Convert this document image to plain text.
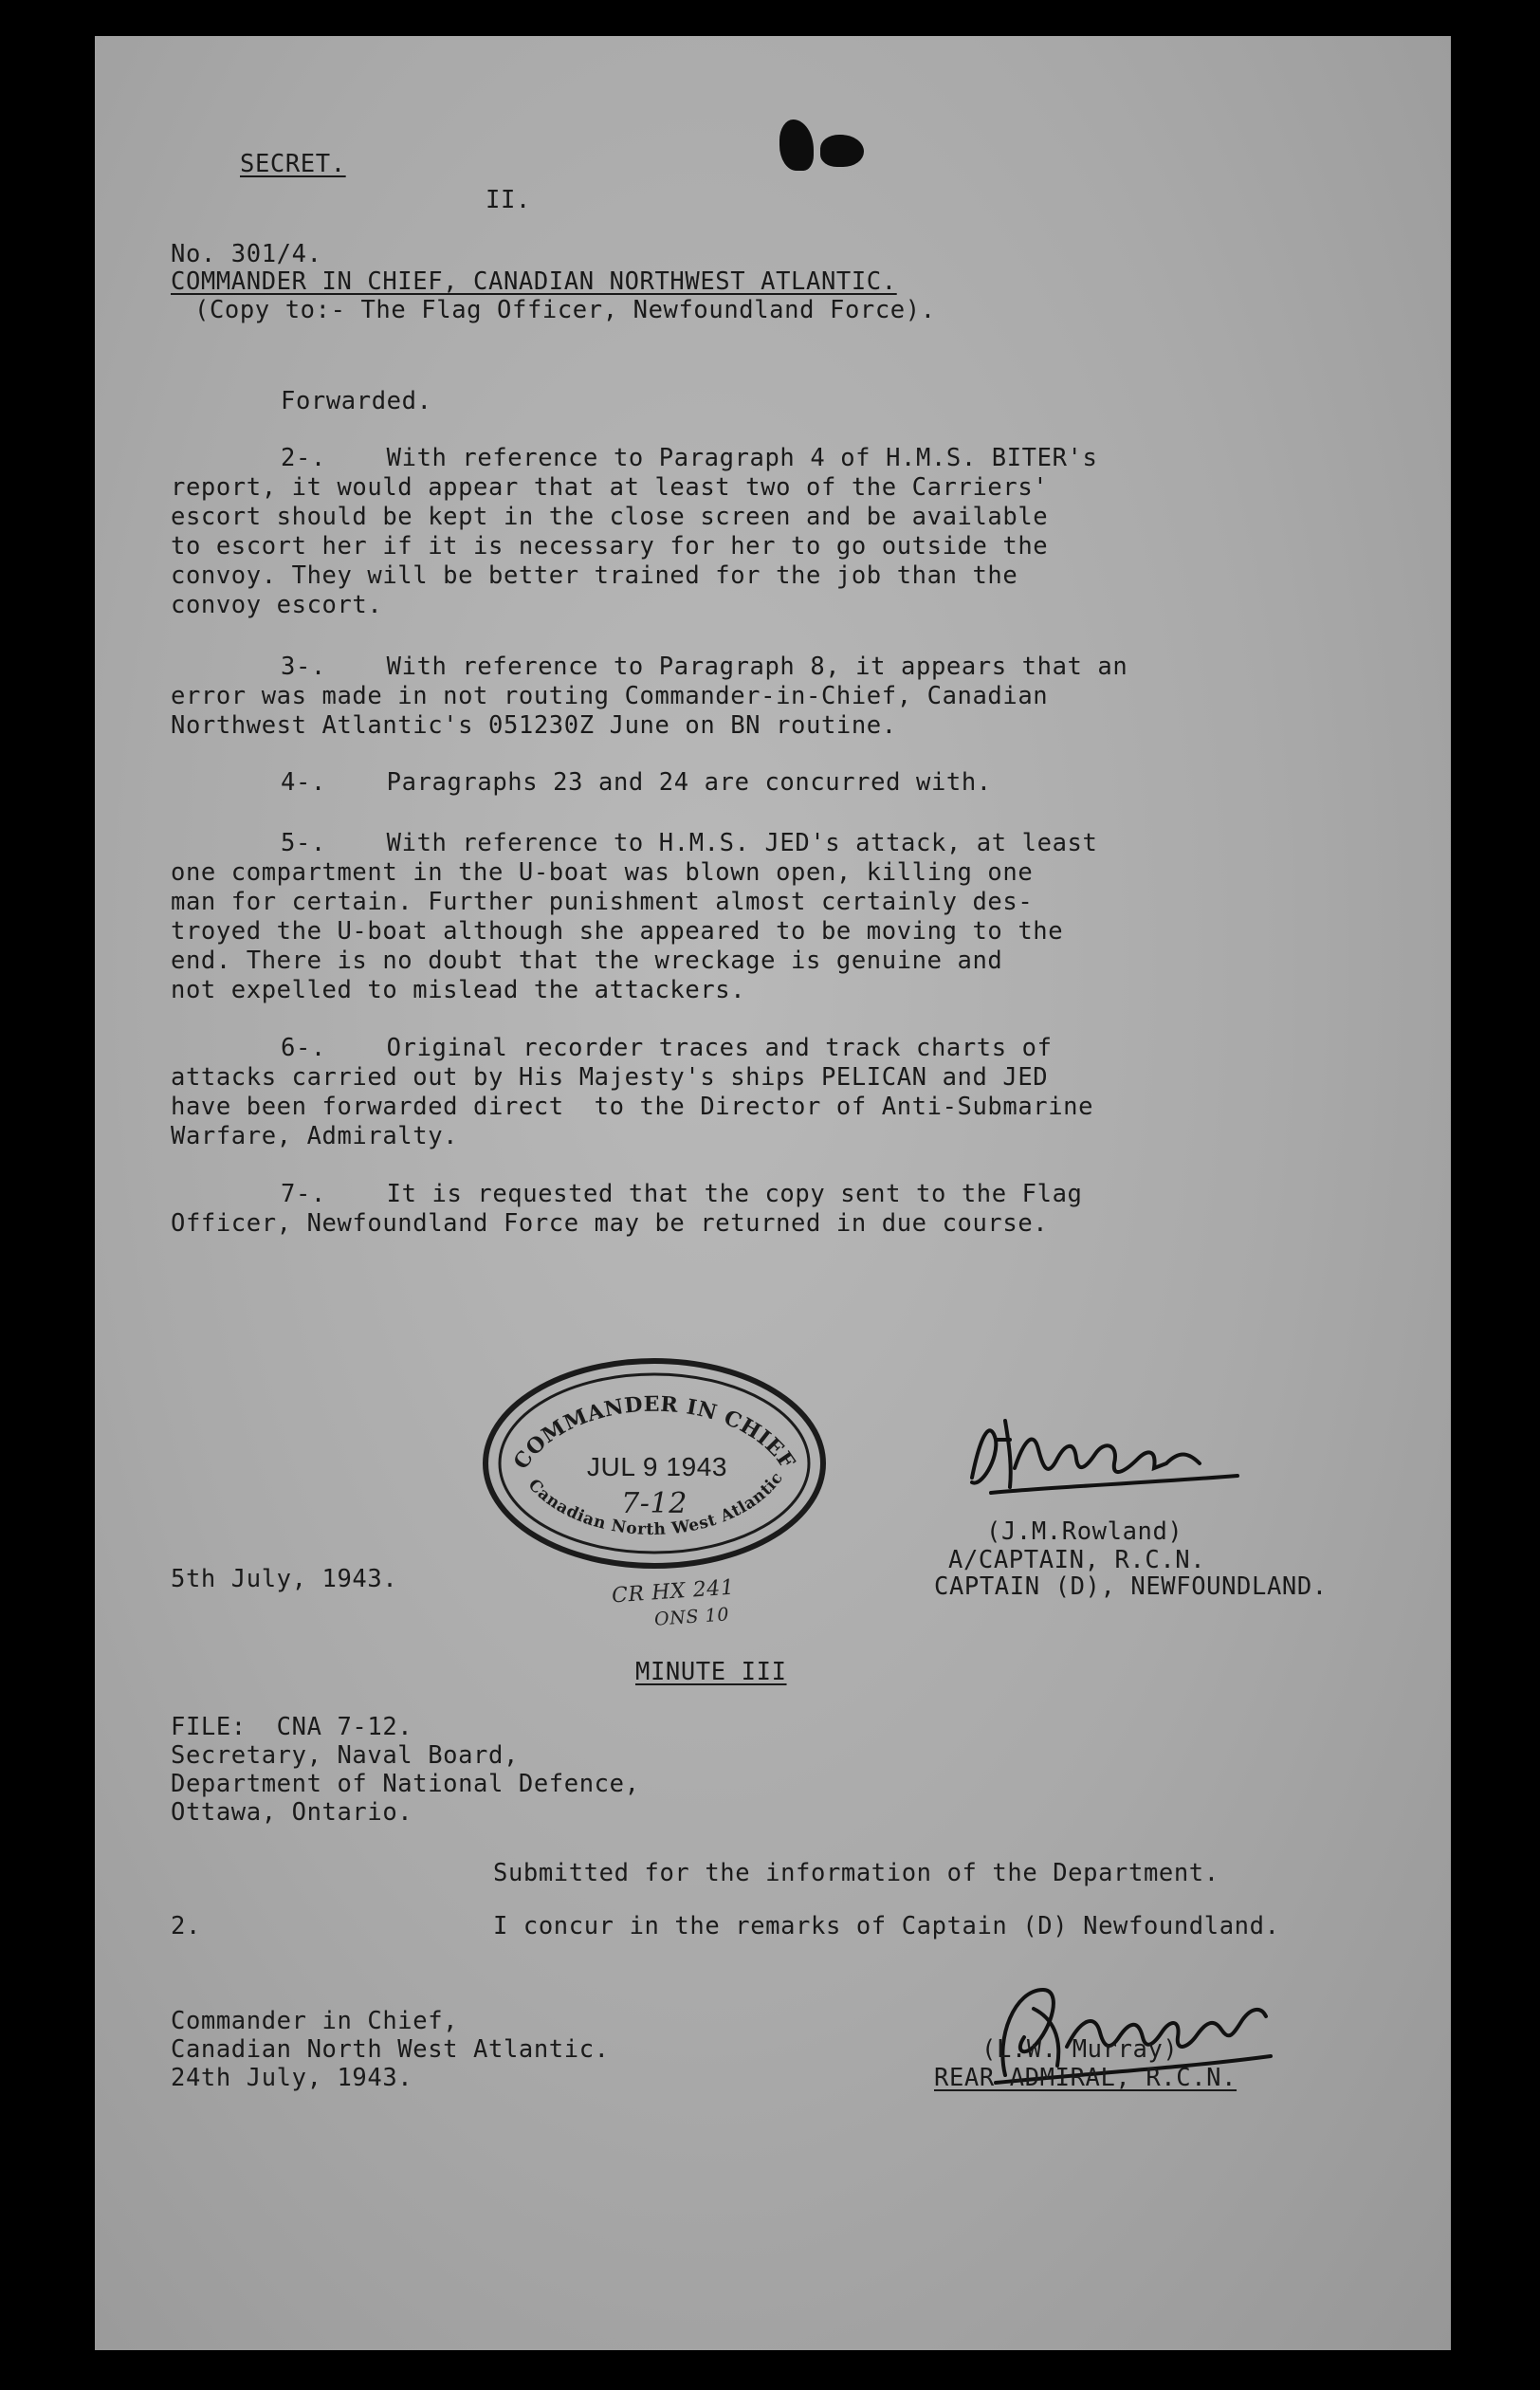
SECRET.
II.
No. 301/4.
COMMANDER IN CHIEF, CANADIAN NORTHWEST ATLANTIC.
(Copy to:- The Flag Officer, Newfoundland Force).
Forwarded.
2-.    With reference to Paragraph 4 of H.M.S. BITER's
report, it would appear that at least two of the Carriers'
escort should be kept in the close screen and be available
to escort her if it is necessary for her to go outside the
convoy. They will be better trained for the job than the
convoy escort.
3-.    With reference to Paragraph 8, it appears that an
error was made in not routing Commander-in-Chief, Canadian
Northwest Atlantic's 051230Z June on BN routine.
4-.    Paragraphs 23 and 24 are concurred with.
5-.    With reference to H.M.S. JED's attack, at least
one compartment in the U-boat was blown open, killing one
man for certain. Further punishment almost certainly des-
troyed the U-boat although she appeared to be moving to the
end. There is no doubt that the wreckage is genuine and
not expelled to mislead the attackers.
6-.    Original recorder traces and track charts of
attacks carried out by His Majesty's ships PELICAN and JED
have been forwarded direct  to the Director of Anti-Submarine
Warfare, Admiralty.
7-.    It is requested that the copy sent to the Flag
Officer, Newfoundland Force may be returned in due course.
COMMANDER IN CHIEF
Canadian North West Atlantic
JUL 9 1943
7-12
5th July, 1943.	CR HX 241
ONS 10
(J.M.Rowland)
A/CAPTAIN, R.C.N.
CAPTAIN (D), NEWFOUNDLAND.
MINUTE III
FILE:  CNA 7-12.
Secretary, Naval Board,
Department of National Defence,
Ottawa, Ontario.
Submitted for the information of the Department.
2.	I concur in the remarks of Captain (D) Newfoundland.
Commander in Chief,
Canadian North West Atlantic.
24th July, 1943.
(L.W. Murray)
REAR ADMIRAL, R.C.N.
